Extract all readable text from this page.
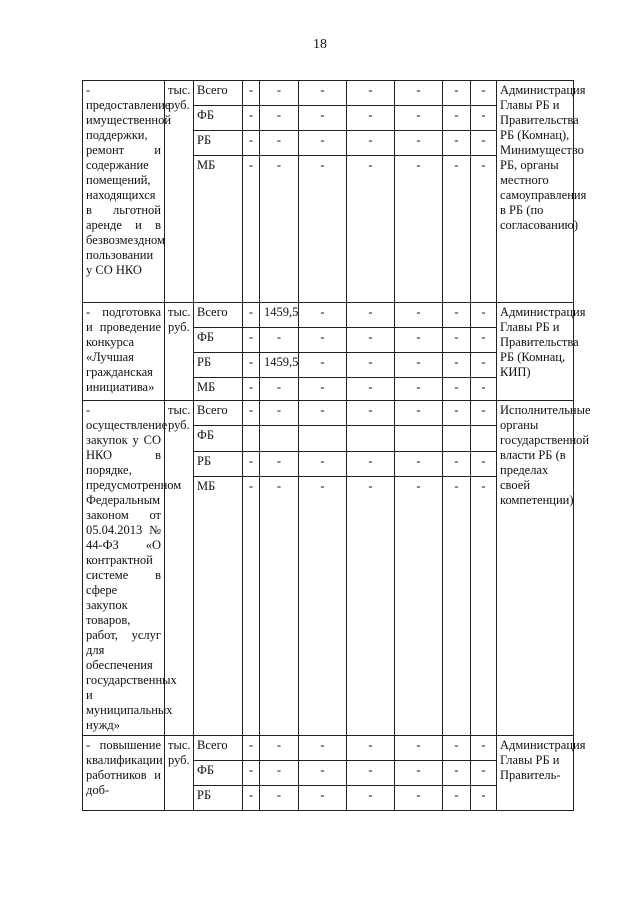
18
- предоставление имущественной поддержки, ремонт и содержание помещений, находящихся в льготной аренде и в безвозмездном пользовании у СО НКО	тыс. руб.	Всего	-	-	-	-	-	-	-	Администрация Главы РБ и Правительства РБ (Комнац), Минимущество РБ, органы местного самоуправления в РБ (по согласованию)
		ФБ	-	-	-	-	-	-	-	
		РБ	-	-	-	-	-	-	-	
		МБ	-	-	-	-	-	-	-	
- подготовка и проведение конкурса «Лучшая гражданская инициатива»	тыс. руб.	Всего	-	1459,5	-	-	-	-	-	Администрация Главы РБ и Правительства РБ (Комнац, КИП)
		ФБ	-	-	-	-	-	-	-	
		РБ	-	1459,5	-	-	-	-	-	
		МБ	-	-	-	-	-	-	-	
- осуществление закупок у СО НКО в порядке, предусмотренном Федеральным законом от 05.04.2013 № 44-ФЗ «О контрактной системе в сфере закупок товаров, работ, услуг для обеспечения государственных и муниципальных нужд»	тыс. руб.	Всего	-	-	-	-	-	-	-	Исполнительные органы государственной власти РБ (в пределах своей компетенции)
		ФБ								
		РБ	-	-	-	-	-	-	-	
		МБ	-	-	-	-	-	-	-	
- повышение квалификации работников и доб-	тыс. руб.	Всего	-	-	-	-	-	-	-	Администрация Главы РБ и Правитель-
		ФБ	-	-	-	-	-	-	-	
		РБ	-	-	-	-	-	-	-	
